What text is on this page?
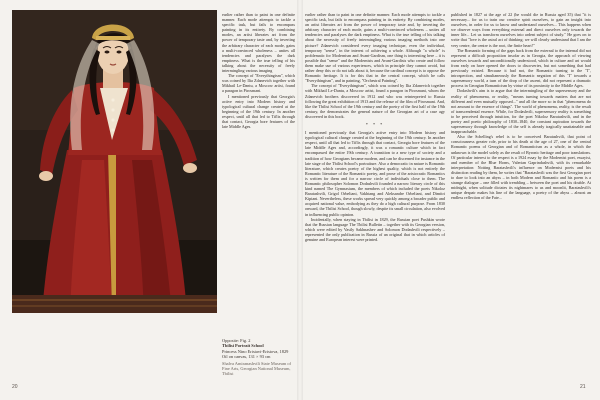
earlier rather than to paint in one definite manner. Each mode attempts to tackle a specific task, but fails to encompass painting in its entirety. By combining modes, an artist liberates art from the power of temporary taste and, by inverting the arbitrary character of each mode, gains a multi-convinced wholeness – unites all tendencies and paralyses the dark emptiness. What is the true telling of his talking about the necessity of freely intermingling various imaging

The concept of "Everythingism", which was coined by Ilia Zdanevich together with Mikhail Le-Dantu, a Moscow artist, found a paragon in Pirosmani.

I mentioned previously that Georgia's active entry into Modern history and typological cultural change created at the beginning of the 19th century. In another respect, until all that led to Tiflis through that contact, Georgia bore features of the late Middle Ages.

Opposite: Fig. 2
Tbilisi Portrait School
Princess Nino Eristavi-Eristova, 1829
Oil on canvas, 131 × 93 cm
Shalva Amiranashvili State Museum of Fine Arts, Georgian National Museum, Tbilisi

earlier rather than to paint in one definite manner. Each mode attempts to tackle a specific task, but fails to encompass painting in its entirety. By combining modes, an artist liberates art from the power of temporary taste and, by inverting the arbitrary character of each mode, gains a multi-convinced wholeness – unites all tendencies and paralyses the dark emptiness. What is the true telling of his talking about the necessity of freely intermingling various imaging methods into one picture? Zdanevich considered every imaging technique, even the individual, temporary "sense", in the interest of achieving a whole. Although "a whole" is problematic for Modernism and Avant-Gardism, one thing is interesting here – it is possible that "sense" and the Modernists and Avant-Gardists who create and follow them make use of various experiences, which in principle they cannot avoid, but rather deny this or do not talk about it, because the cardinal concept is to oppose the Romantic heritage. It is for this that in the central concept, which he calls "Everythingism", and in painting, "Orchestral Painting".

The concept of "Everythingism", which was coined by Ilia Zdanevich together with Mikhail Le-Dantu, a Moscow artist, found a paragon in Pirosmani, whom the Zdanevich brothers discovered in 1912 and who was reinterpreted to Russia following the great exhibition of 1913 and the release of the film of Pirosmani. And, like the Tbilisi School of the 19th century and the poetry of the first half of the 19th century, the demonstrates the general nature of the Georgian art of a case agy discovered in this book.

* * *

I mentioned previously that Georgia's active entry into Modern history and typological cultural change created at the beginning of the 19th century. In another respect, until all that led to Tiflis through that contact, Georgia bore features of the late Middle Ages and, accordingly, it was a romantic culture which in fact encompassed the entire 19th century. A transition to a new type of society and a tradition of how Georgians became modern, and can be discerned for instance in the late stage of the Tbilisi School's portraiture. Also a democratic in nature is Romantic literature, which creates poetry of the highest quality, which is not entirely the Romantic literature of the Romantic poetry, and prose of the aristocratic Romantics is written for them and for a narrow circle of individuals close to them. The Romantic philosopher Solomon Dodashvili founded a narrow literary circle of this kind named The Gymnasium, the members of which included the poets Nikoloz Baratashvili, Grigol Orbeliani, Vakhtang and Aleksandre Orbeliani, and Dimitri Kipiani. Nevertheless, these works spread very quickly among a broader public and acquired national value, embodying as they do a high cultural purpose. From 1830 onward, the Tbilisi School, though slowly, despite its small circulation, also evolved in influencing public opinion.

Incidentally, when staying in Tbilisi in 1829, the Russian poet Pushkin wrote that the Russian language The Tbilisi Bulletin – together with its Georgian version, which were edited by Vasily Sakhnashev and Solomon Dodashvili respectively – represented the only publication in Russia of an original that in which articles of genuine and European interest were printed.

published in 1827 at the age of 22 (he would die in Russia aged 35) that "it is necessary... for us to train our creative spirit ourselves, to gain an insight into ourselves, in order for us to know and understand ourselves... This happens when we observe ways from everything external and direct ourselves only towards the inner life... Let us transform ourselves into ardent subject of study." He goes on to write that "love is the astral act of thinking; we will clearly understand that I am the very centre, the centre is the root, the finite heart!"

The Romantic forming of the gaps back from the external to the internal did not represent a difficult proposition insofar as in Georgia, the approach of viewing ourselves towards and unconditionally understood, which in culture and art would from early on have opened the doors to discoveries, but not something that had previously existed. Because it had not, the Romantic turning to the "I", introspection, and simultaneously the Romantic negation of this "I" towards a supersensory world, a turn of the drop of the ascent, did not represent a dramatic process in Georgian Romanticism by virtue of its proximity to the Middle Ages.

Dodashvili's aim is to argue that the intermingling of the supersensory and the reality of phenomena, or reality, "means turning towards matters that are not different and even mutually opposed..." and all the more so in that "phenomena do not amount to the essence of things". The world of phenomena, reality, is the result of transcendental essence. While, for Dodashvili, supersensory reality is something to be perceived through intuition, for the poet Nikoloz Baratashvili, and in the poetry and poetic philosophy of 1830–1840, the constant aspiration towards the supersensory through knowledge of the self is already tragically unattainable and inapproachable.

Also the Schelling's rebel is to be conceived Baratashvili, that point of consciousness greater role, prior to his death at the age of 27, one of the central Romantic poems of Georgian and of Romanticism as a whole, in which the unknown is the model solely as the result of Byronic heritage and poor translations. Of particular interest to the respect is a 1924 essay by the Modernist poet, essayist, and member of the Blue Horns, Valerian Gaprindashvili, with its remarkable interpretation: Notting Baratashvili's influence on Modernist poets and his distinction reading by them, he writes that "Baratashvili was the first Georgian poet to dare to look into an abyss – in both Modern and Romantic and his poem is a strange dialogue – one filled with trembling – between the poet and his double. At midnight, when solitude dictates its nightmares to us and moonlit, Baratashvili's unique despair makes his line of the language, a poetry of the abyss – almost an endless reflection of the Fate...

20	21
